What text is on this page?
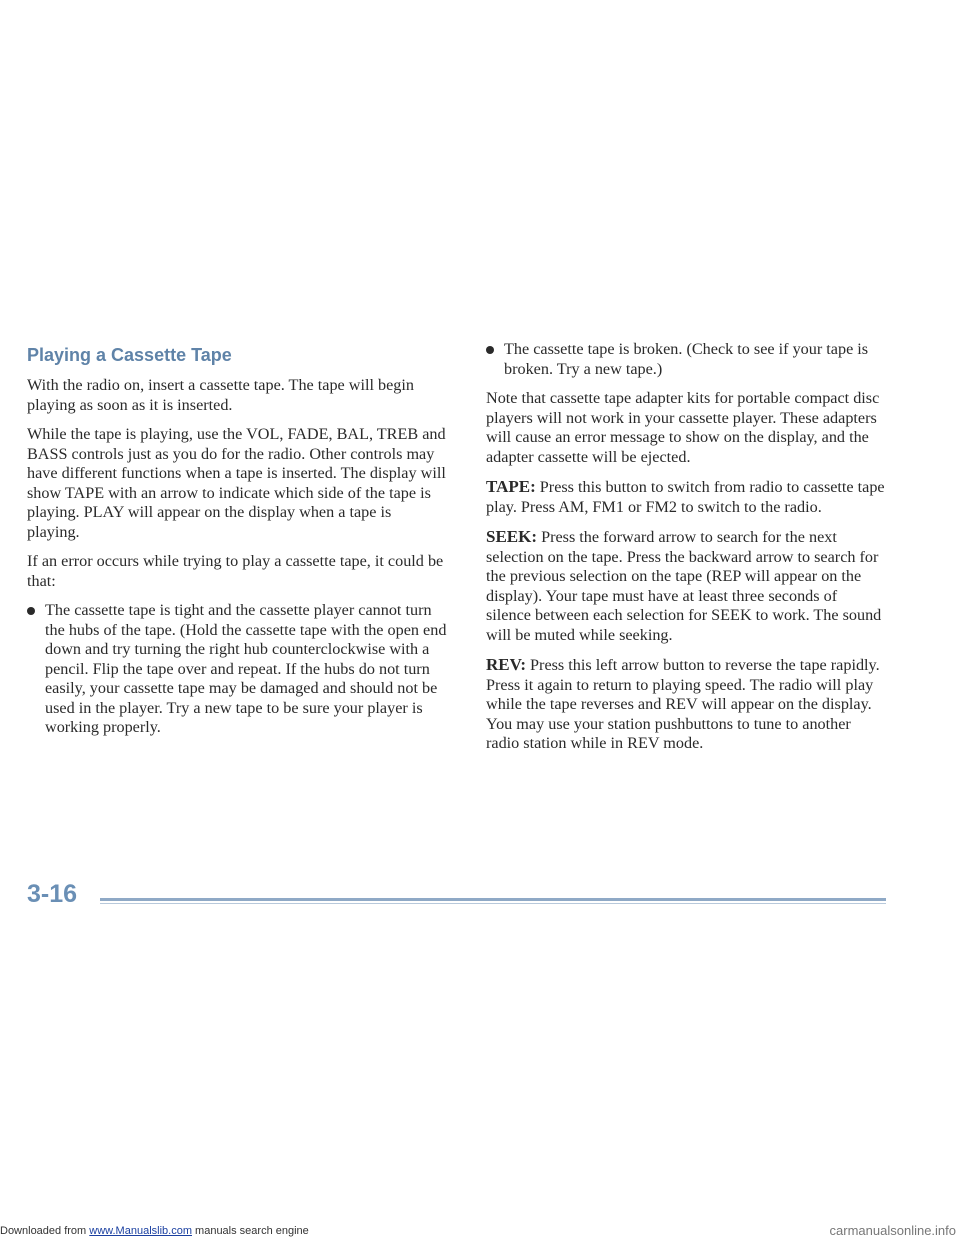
Playing a Cassette Tape

With the radio on, insert a cassette tape. The tape will begin playing as soon as it is inserted.

While the tape is playing, use the VOL, FADE, BAL, TREB and BASS controls just as you do for the radio. Other controls may have different functions when a tape is inserted. The display will show TAPE with an arrow to indicate which side of the tape is playing. PLAY will appear on the display when a tape is playing.

If an error occurs while trying to play a cassette tape, it could be that:

The cassette tape is tight and the cassette player cannot turn the hubs of the tape. (Hold the cassette tape with the open end down and try turning the right hub counterclockwise with a pencil. Flip the tape over and repeat. If the hubs do not turn easily, your cassette tape may be damaged and should not be used in the player. Try a new tape to be sure your player is working properly.
The cassette tape is broken. (Check to see if your tape is broken. Try a new tape.)

Note that cassette tape adapter kits for portable compact disc players will not work in your cassette player. These adapters will cause an error message to show on the display, and the adapter cassette will be ejected.

TAPE: Press this button to switch from radio to cassette tape play. Press AM, FM1 or FM2 to switch to the radio.

SEEK: Press the forward arrow to search for the next selection on the tape. Press the backward arrow to search for the previous selection on the tape (REP will appear on the display). Your tape must have at least three seconds of silence between each selection for SEEK to work. The sound will be muted while seeking.

REV: Press this left arrow button to reverse the tape rapidly. Press it again to return to playing speed. The radio will play while the tape reverses and REV will appear on the display. You may use your station pushbuttons to tune to another radio station while in REV mode.

3-16
Downloaded from www.Manualslib.com manuals search engine	carmanualsonline.info
